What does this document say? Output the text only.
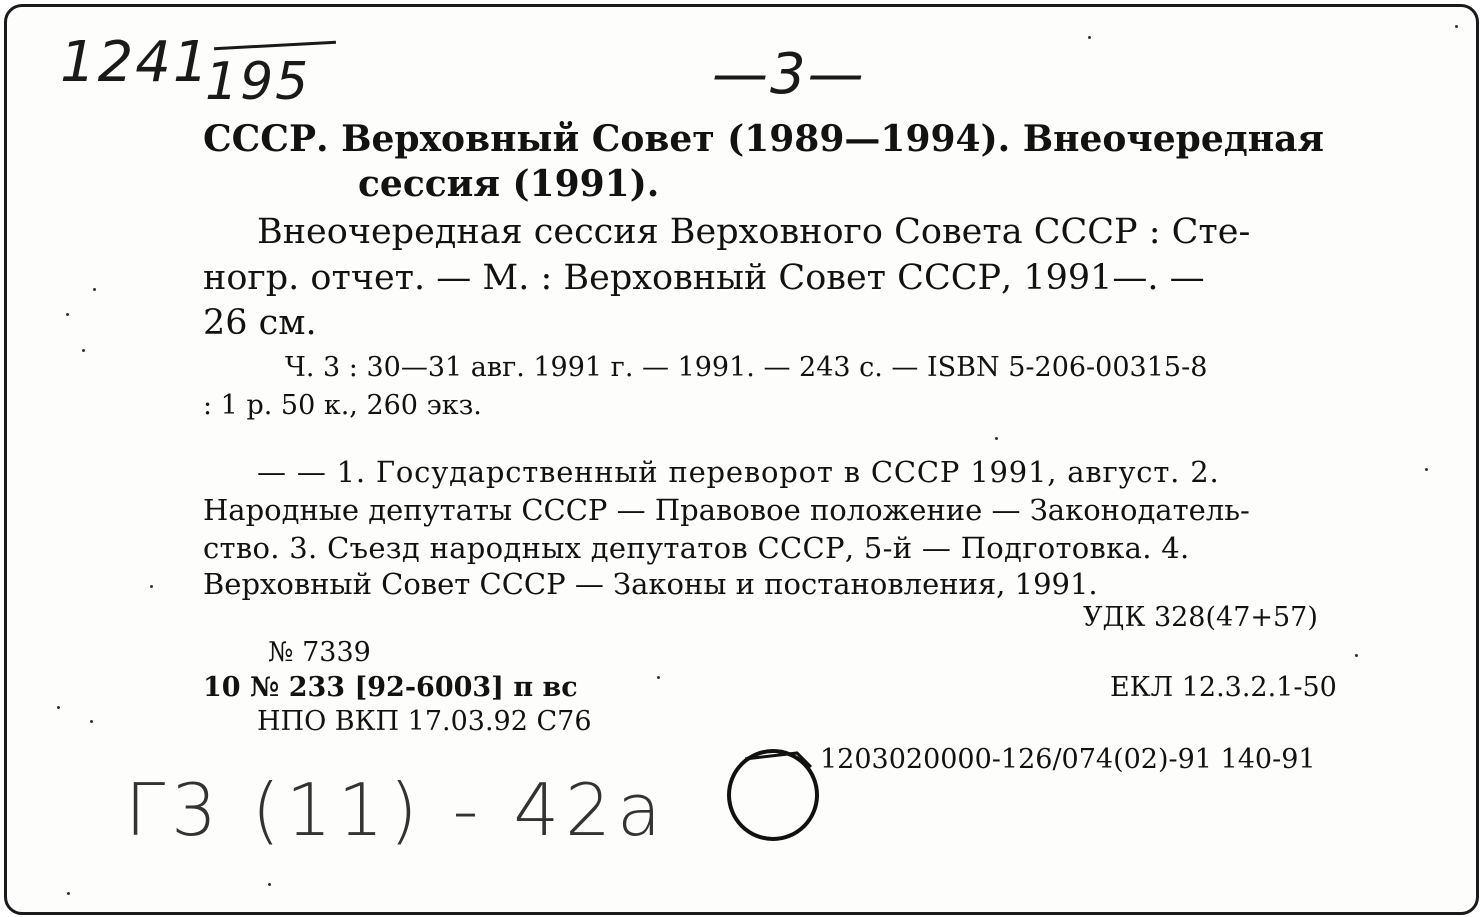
1241
195	—3—
Г3 (11) - 42а
СССР. Верховный Совет (1989—1994). Внеочередная
сессия (1991).
Внеочередная сессия Верховного Совета СССР : Сте-
ногр. отчет. — М. : Верховный Совет СССР, 1991—. —
26 см.
Ч. 3 : 30—31 авг. 1991 г. — 1991. — 243 с. — ISBN 5-206-00315-8
: 1 р. 50 к., 260 экз.
— — 1. Государственный переворот в СССР 1991, август. 2.
Народные депутаты СССР — Правовое положение — Законодатель-
ство. 3. Съезд народных депутатов СССР, 5-й — Подготовка. 4.
Верховный Совет СССР — Законы и постановления, 1991.
УДК 328(47+57)
№ 7339
10 № 233 [92-6003] п вс	ЕКЛ 12.3.2.1-50
НПО ВКП 17.03.92 С76
1203020000-126/074(02)-91 140-91
